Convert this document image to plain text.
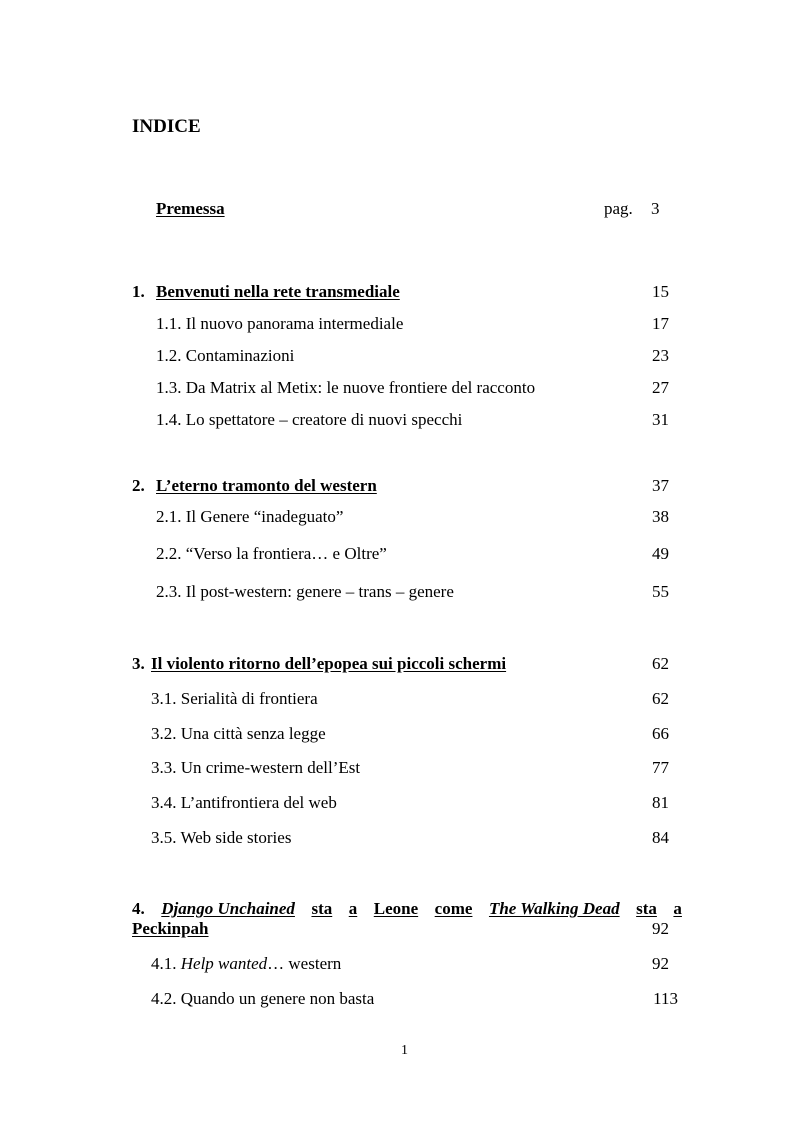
INDICE
Premessa	pag. 3
1. Benvenuti nella rete transmediale	15
1.1. Il nuovo panorama intermediale	17
1.2. Contaminazioni	23
1.3. Da Matrix al Metix: le nuove frontiere del racconto	27
1.4. Lo spettatore – creatore di nuovi specchi	31
2. L’eterno tramonto del western	37
2.1. Il Genere “inadeguato”	38
2.2. “Verso la frontiera… e Oltre”	49
2.3. Il post-western: genere – trans – genere	55
3. Il violento ritorno dell’epopea sui piccoli schermi	62
3.1. Serialità di frontiera	62
3.2. Una città senza legge	66
3.3. Un crime-western dell’Est	77
3.4. L’antifrontiera del web	81
3.5. Web side stories	84
4. Django Unchained sta a Leone come The Walking Dead sta a
Peckinpah	92
4.1. Help wanted… western	92
4.2. Quando un genere non basta	113
1
